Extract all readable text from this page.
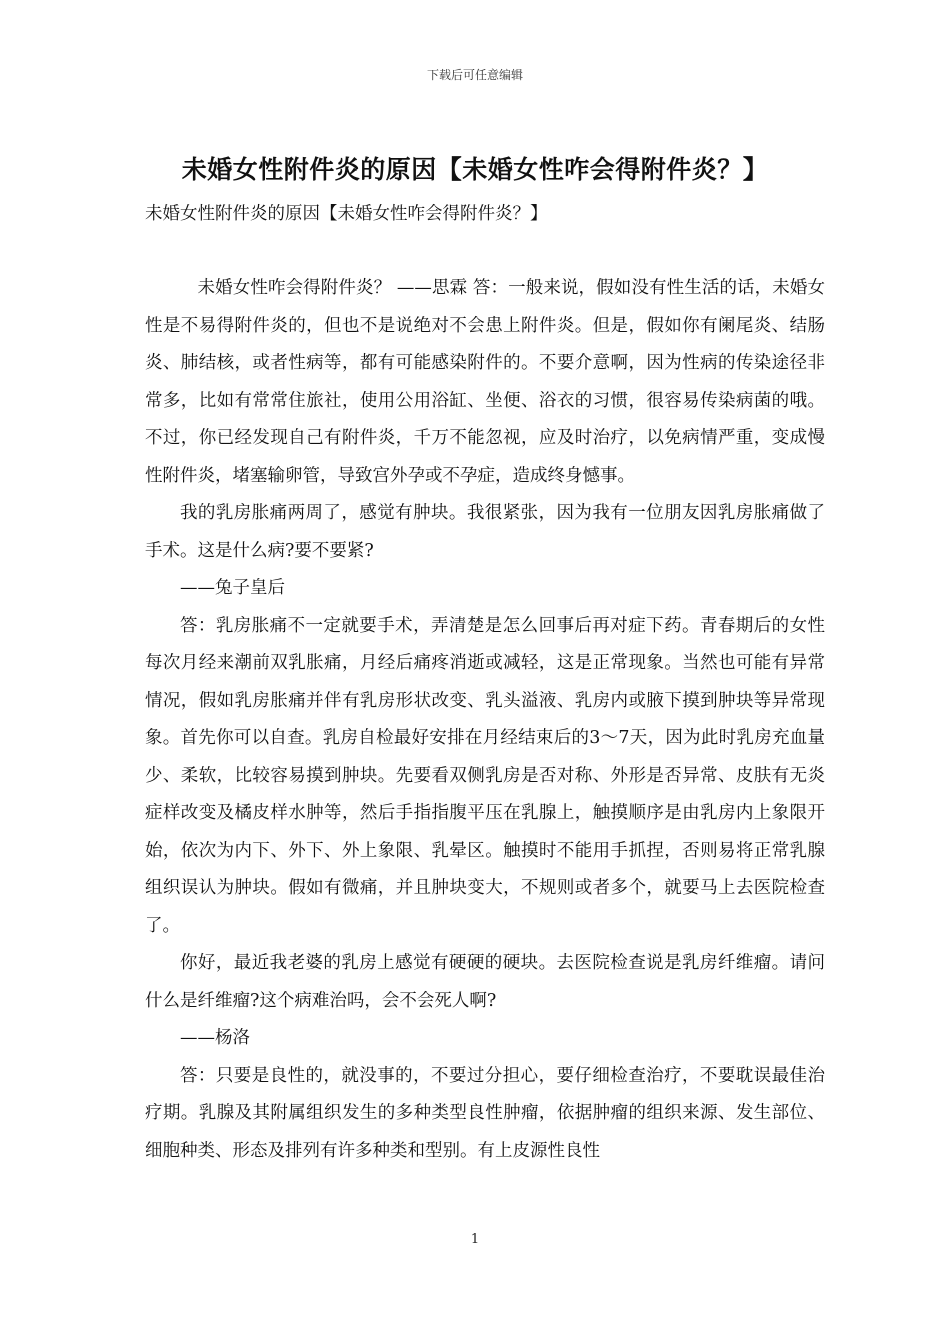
下载后可任意编辑
未婚女性附件炎的原因【未婚女性咋会得附件炎？】
未婚女性附件炎的原因【未婚女性咋会得附件炎？】

未婚女性咋会得附件炎？ ——思霖 答：一般来说，假如没有性生活的话，未婚女性是不易得附件炎的，但也不是说绝对不会患上附件炎。但是，假如你有阑尾炎、结肠炎、肺结核，或者性病等，都有可能感染附件的。不要介意啊，因为性病的传染途径非常多，比如有常常住旅社，使用公用浴缸、坐便、浴衣的习惯，很容易传染病菌的哦。不过，你已经发现自己有附件炎，千万不能忽视，应及时治疗，以免病情严重，变成慢性附件炎，堵塞输卵管，导致宫外孕或不孕症，造成终身憾事。

我的乳房胀痛两周了，感觉有肿块。我很紧张，因为我有一位朋友因乳房胀痛做了手术。这是什么病?要不要紧?

——兔子皇后

答：乳房胀痛不一定就要手术，弄清楚是怎么回事后再对症下药。青春期后的女性每次月经来潮前双乳胀痛，月经后痛疼消逝或减轻，这是正常现象。当然也可能有异常情况，假如乳房胀痛并伴有乳房形状改变、乳头溢液、乳房内或腋下摸到肿块等异常现象。首先你可以自查。乳房自检最好安排在月经结束后的3～7天，因为此时乳房充血量少、柔软，比较容易摸到肿块。先要看双侧乳房是否对称、外形是否异常、皮肤有无炎症样改变及橘皮样水肿等，然后手指指腹平压在乳腺上，触摸顺序是由乳房内上象限开始，依次为内下、外下、外上象限、乳晕区。触摸时不能用手抓捏，否则易将正常乳腺组织误认为肿块。假如有微痛，并且肿块变大，不规则或者多个，就要马上去医院检查了。

你好，最近我老婆的乳房上感觉有硬硬的硬块。去医院检查说是乳房纤维瘤。请问什么是纤维瘤?这个病难治吗，会不会死人啊?

——杨洛

答：只要是良性的，就没事的，不要过分担心，要仔细检查治疗，不要耽误最佳治疗期。乳腺及其附属组织发生的多种类型良性肿瘤，依据肿瘤的组织来源、发生部位、细胞种类、形态及排列有许多种类和型别。有上皮源性良性

1
